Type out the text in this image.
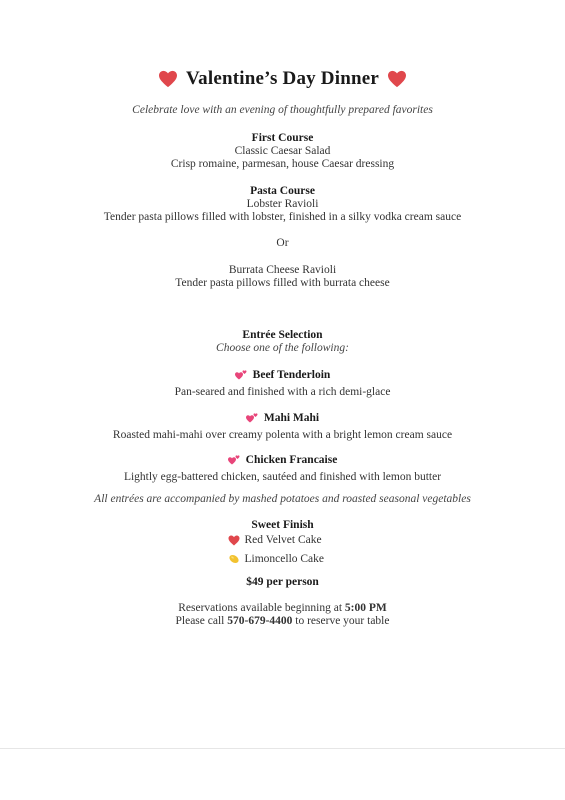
Valentine’s Day Dinner
Celebrate love with an evening of thoughtfully prepared favorites
First Course
Classic Caesar Salad
Crisp romaine, parmesan, house Caesar dressing
Pasta Course
Lobster Ravioli
Tender pasta pillows filled with lobster, finished in a silky vodka cream sauce
Or
Burrata Cheese Ravioli
Tender pasta pillows filled with burrata cheese
Entrée Selection
Choose one of the following:
Beef Tenderloin
Pan-seared and finished with a rich demi-glace
Mahi Mahi
Roasted mahi-mahi over creamy polenta with a bright lemon cream sauce
Chicken Francaise
Lightly egg-battered chicken, sautéed and finished with lemon butter
All entrées are accompanied by mashed potatoes and roasted seasonal vegetables
Sweet Finish
Red Velvet Cake

Limoncello Cake
$49 per person
Reservations available beginning at 5:00 PM
Please call 570-679-4400 to reserve your table
